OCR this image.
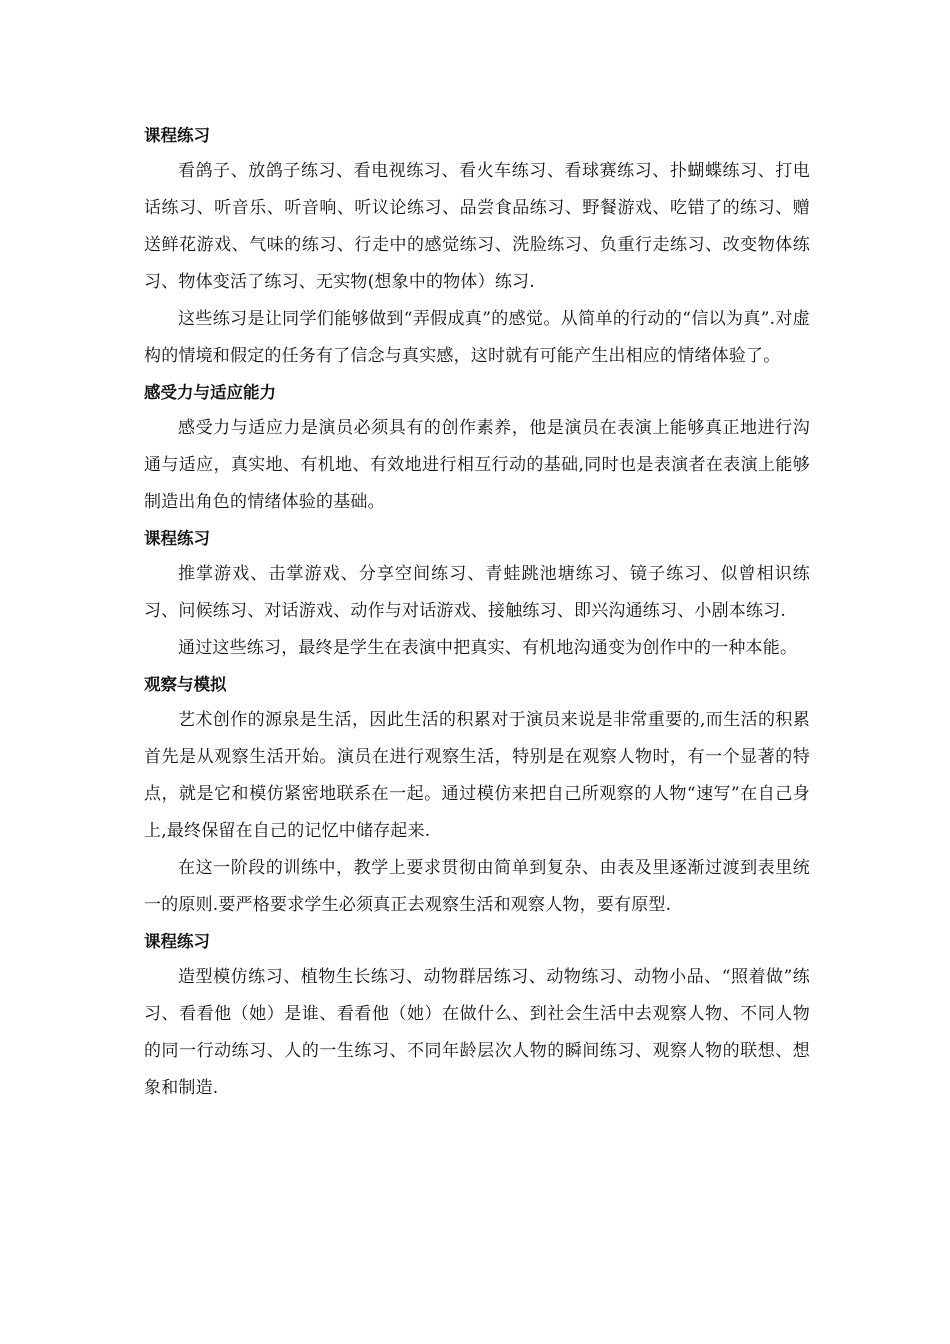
课程练习

看鸽子、放鸽子练习、看电视练习、看火车练习、看球赛练习、扑蝴蝶练习、打电话练习、听音乐、听音响、听议论练习、品尝食品练习、野餐游戏、吃错了的练习、赠送鲜花游戏、气味的练习、行走中的感觉练习、洗脸练习、负重行走练习、改变物体练习、物体变活了练习、无实物(想象中的物体）练习.

这些练习是让同学们能够做到“弄假成真”的感觉。从简单的行动的“信以为真”.对虚构的情境和假定的任务有了信念与真实感，这时就有可能产生出相应的情绪体验了。

感受力与适应能力

感受力与适应力是演员必须具有的创作素养，他是演员在表演上能够真正地进行沟通与适应，真实地、有机地、有效地进行相互行动的基础,同时也是表演者在表演上能够制造出角色的情绪体验的基础。

课程练习

推掌游戏、击掌游戏、分享空间练习、青蛙跳池塘练习、镜子练习、似曾相识练习、问候练习、对话游戏、动作与对话游戏、接触练习、即兴沟通练习、小剧本练习.

通过这些练习，最终是学生在表演中把真实、有机地沟通变为创作中的一种本能。

观察与模拟

艺术创作的源泉是生活，因此生活的积累对于演员来说是非常重要的,而生活的积累首先是从观察生活开始。演员在进行观察生活，特别是在观察人物时，有一个显著的特点，就是它和模仿紧密地联系在一起。通过模仿来把自己所观察的人物“速写”在自己身上,最终保留在自己的记忆中储存起来.

在这一阶段的训练中，教学上要求贯彻由简单到复杂、由表及里逐渐过渡到表里统一的原则.要严格要求学生必须真正去观察生活和观察人物，要有原型.

课程练习

造型模仿练习、植物生长练习、动物群居练习、动物练习、动物小品、“照着做”练习、看看他（她）是谁、看看他（她）在做什么、到社会生活中去观察人物、不同人物的同一行动练习、人的一生练习、不同年龄层次人物的瞬间练习、观察人物的联想、想象和制造.
